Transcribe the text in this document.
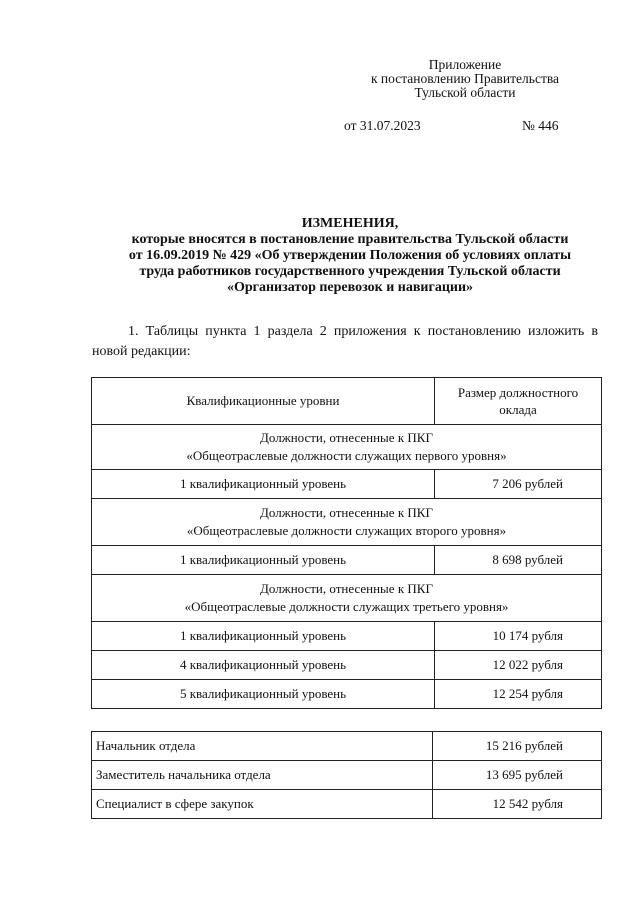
Приложение
к постановлению Правительства
Тульской области
от 31.07.2023	№ 446
ИЗМЕНЕНИЯ,
которые вносятся в постановление правительства Тульской области
от 16.09.2019 № 429 «Об утверждении Положения об условиях оплаты
труда работников государственного учреждения Тульской области
«Организатор перевозок и навигации»
1. Таблицы пункта 1 раздела 2 приложения к постановлению изложить в новой редакции:
Квалификационные уровни	Размер должностного оклада

Должности, отнесенные к ПКГ
«Общеотраслевые должности служащих первого уровня»	

1 квалификационный уровень	7 206 рублей

Должности, отнесенные к ПКГ
«Общеотраслевые должности служащих второго уровня»	

1 квалификационный уровень	8 698 рублей

Должности, отнесенные к ПКГ
«Общеотраслевые должности служащих третьего уровня»	

1 квалификационный уровень	10 174 рубля
4 квалификационный уровень	12 022 рубля
5 квалификационный уровень	12 254 рубля
Начальник отдела	15 216 рублей
Заместитель начальника отдела	13 695 рублей
Специалист в сфере закупок	12 542 рубля
